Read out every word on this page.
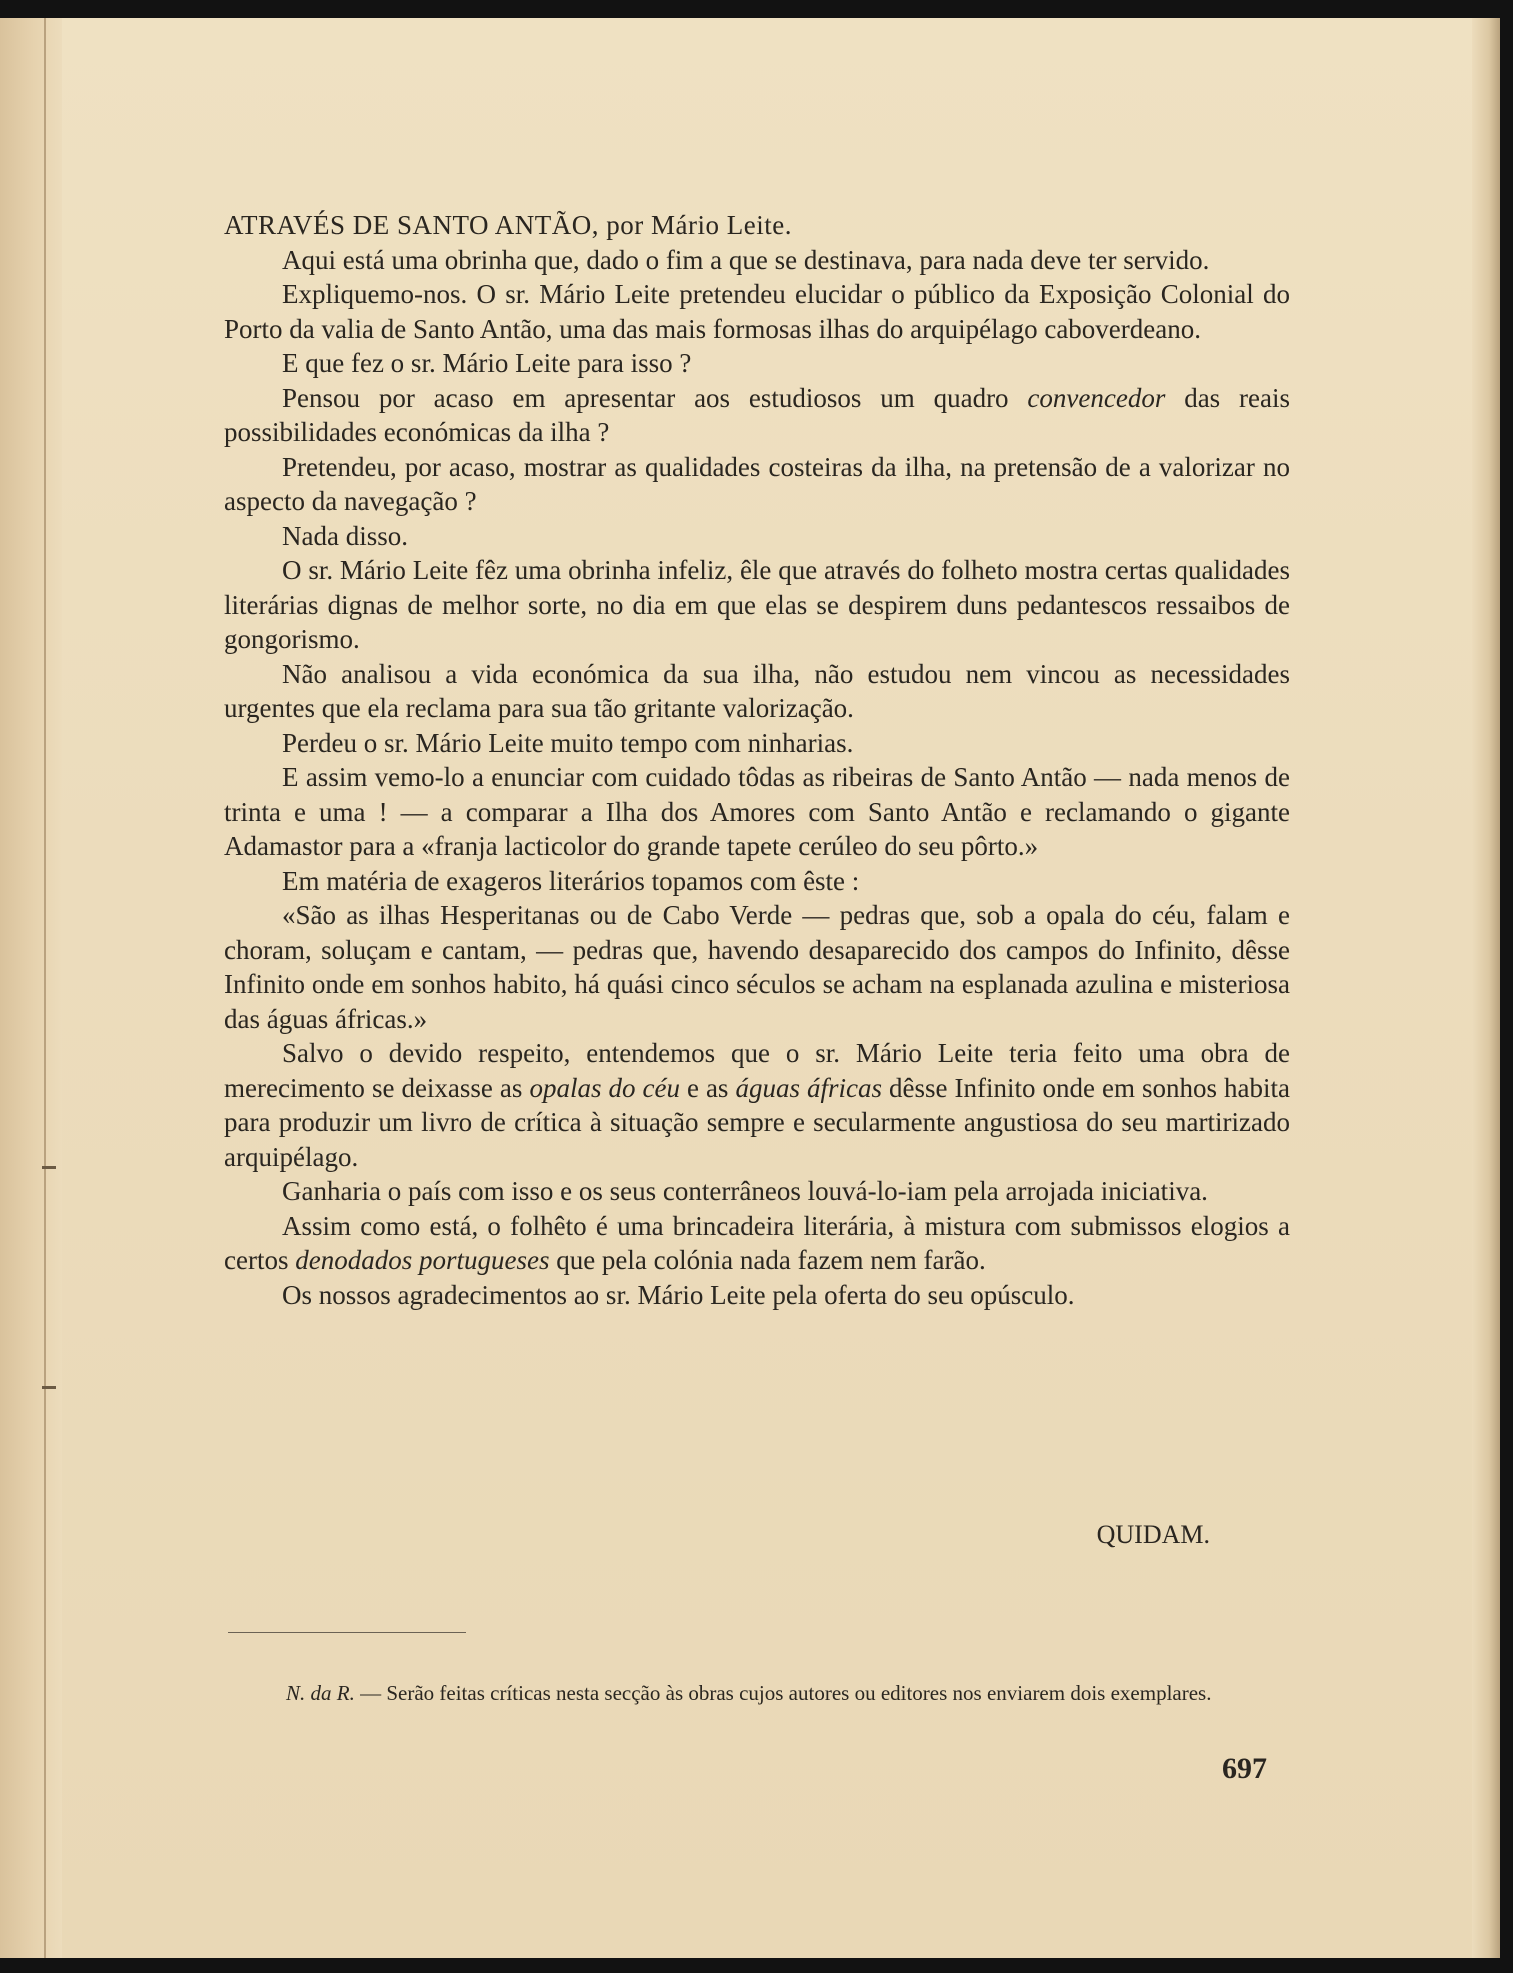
ATRAVÉS DE SANTO ANTÃO, por Mário Leite.

Aqui está uma obrinha que, dado o fim a que se destinava, para nada deve ter servido.

Expliquemo-nos. O sr. Mário Leite pretendeu elucidar o público da Exposição Colonial do Porto da valia de Santo Antão, uma das mais formosas ilhas do arquipélago caboverdeano.

E que fez o sr. Mário Leite para isso ?

Pensou por acaso em apresentar aos estudiosos um quadro convencedor das reais possibilidades económicas da ilha ?

Pretendeu, por acaso, mostrar as qualidades costeiras da ilha, na pretensão de a valorizar no aspecto da navegação ?

Nada disso.

O sr. Mário Leite fêz uma obrinha infeliz, êle que através do folheto mostra certas qualidades literárias dignas de melhor sorte, no dia em que elas se despirem duns pedantescos ressaibos de gongorismo.

Não analisou a vida económica da sua ilha, não estudou nem vincou as necessidades urgentes que ela reclama para sua tão gritante valorização.

Perdeu o sr. Mário Leite muito tempo com ninharias.

E assim vemo-lo a enunciar com cuidado tôdas as ribeiras de Santo Antão — nada menos de trinta e uma ! — a comparar a Ilha dos Amores com Santo Antão e reclamando o gigante Adamastor para a «franja lacticolor do grande tapete cerúleo do seu pôrto.»

Em matéria de exageros literários topamos com êste :

«São as ilhas Hesperitanas ou de Cabo Verde — pedras que, sob a opala do céu, falam e choram, soluçam e cantam, — pedras que, havendo desaparecido dos campos do Infinito, dêsse Infinito onde em sonhos habito, há quási cinco séculos se acham na esplanada azulina e misteriosa das águas áfricas.»

Salvo o devido respeito, entendemos que o sr. Mário Leite teria feito uma obra de merecimento se deixasse as opalas do céu e as águas áfricas dêsse Infinito onde em sonhos habita para produzir um livro de crítica à situação sempre e secularmente angustiosa do seu martirizado arquipélago.

Ganharia o país com isso e os seus conterrâneos louvá-lo-iam pela arrojada iniciativa.

Assim como está, o folhêto é uma brincadeira literária, à mistura com submissos elogios a certos denodados portugueses que pela colónia nada fazem nem farão.

Os nossos agradecimentos ao sr. Mário Leite pela oferta do seu opúsculo.

QUIDAM.

N. da R. — Serão feitas críticas nesta secção às obras cujos autores ou editores nos enviarem dois exemplares.

697
